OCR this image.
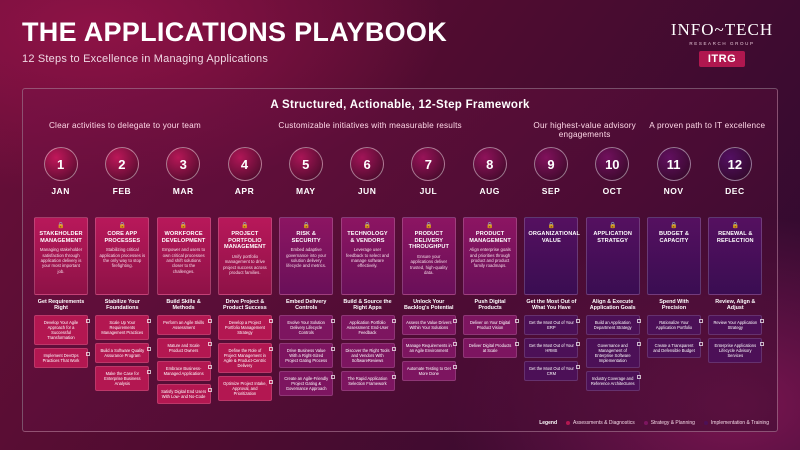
THE APPLICATIONS PLAYBOOK
12 Steps to Excellence in Managing Applications
INFO~TECH
RESEARCH GROUP
ITRG
A Structured, Actionable, 12-Step Framework
Clear activities to delegate to your team	Customizable initiatives with measurable results	Our highest-value advisory engagements
A proven path to IT excellence
1
JAN
2
FEB
3
MAR
4
APR
5
MAY
6
JUN
7
JUL
8
AUG
9
SEP
10
OCT
11
NOV
12
DEC
🔒
STAKEHOLDER MANAGEMENT
Managing stakeholder satisfaction through application delivery is your most important job.
🔒
CORE APP PROCESSES
Stabilizing critical application processes is the only way to stop firefighting.
🔒
WORKFORCE DEVELOPMENT
Empower and users to own critical processes and shift solutions closer to the challenges.
🔒
PROJECT PORTFOLIO MANAGEMENT
Unify portfolio management to drive project success across product families.
🔒
RISK & SECURITY
Embed adaptive governance into your solution delivery lifecycle and metrics.
🔒
TECHNOLOGY & VENDORS
Leverage user feedback to select and manage software effectively.
🔒
PRODUCT DELIVERY THROUGHPUT
Ensure your applications deliver trusted, high-quality data.
🔒
PRODUCT MANAGEMENT
Align enterprise goals and priorities through product and product family roadmaps.
🔒
ORGANIZATIONAL VALUE
🔒
APPLICATION STRATEGY
🔒
BUDGET & CAPACITY
🔒
RENEWAL & REFLECTION
Get Requirements Right
Develop Your Agile Approach for a Successful Transformation
Implement DevOps Practices That Work
Stabilize Your Foundations
Scale Up Your Requirements Management Practices
Build a Software Quality Assurance Program
Make the Case for Enterprise Business Analysis
Build Skills & Methods
Perform an Agile Skills Assessment
Mature and Scale Product Owners
Embrace Business-Managed Applications
Satisfy Digital End Users With Low- and No-Code
Drive Project & Product Success
Develop a Project Portfolio Management Strategy
Define the Role of Project Management in Agile & Product-Centric Delivery
Optimize Project Intake, Approval, and Prioritization
Embed Delivery Controls
Evolve Your Solution Delivery Lifecycle Controls
Drive Business Value With a Right-Sized Project Gating Process
Create an Agile-Friendly Project Gating & Governance Approach
Build & Source the Right Apps
Application Portfolio Assessment: End-User Feedback
Discover the Right Tools and Vendors With SoftwareReviews
The Rapid Application Selection Framework
Unlock Your Backlog's Potential
Assess the Value Drivers Within Your Solutions
Manage Requirements in an Agile Environment
Automate Testing to Get More Done
Push Digital Products
Deliver on Your Digital Product Vision
Deliver Digital Products at Scale
Get the Most Out of What You Have
Get the Most Out of Your ERP
Get the Most Out of Your HRMS
Get the Most Out of Your CRM
Align & Execute Application Goals
Build an Application Department Strategy
Governance and Management of Enterprise Software Implementation
Industry Coverage and Reference Architectures
Spend With Precision
Rationalize Your Application Portfolio
Create a Transparent and Defensible Budget
Review, Align & Adjust
Review Your Application Strategy
Enterprise Applications Lifecycle Advisory Services
Legend	Assessments & Diagnostics	Strategy & Planning	Implementation & Training
